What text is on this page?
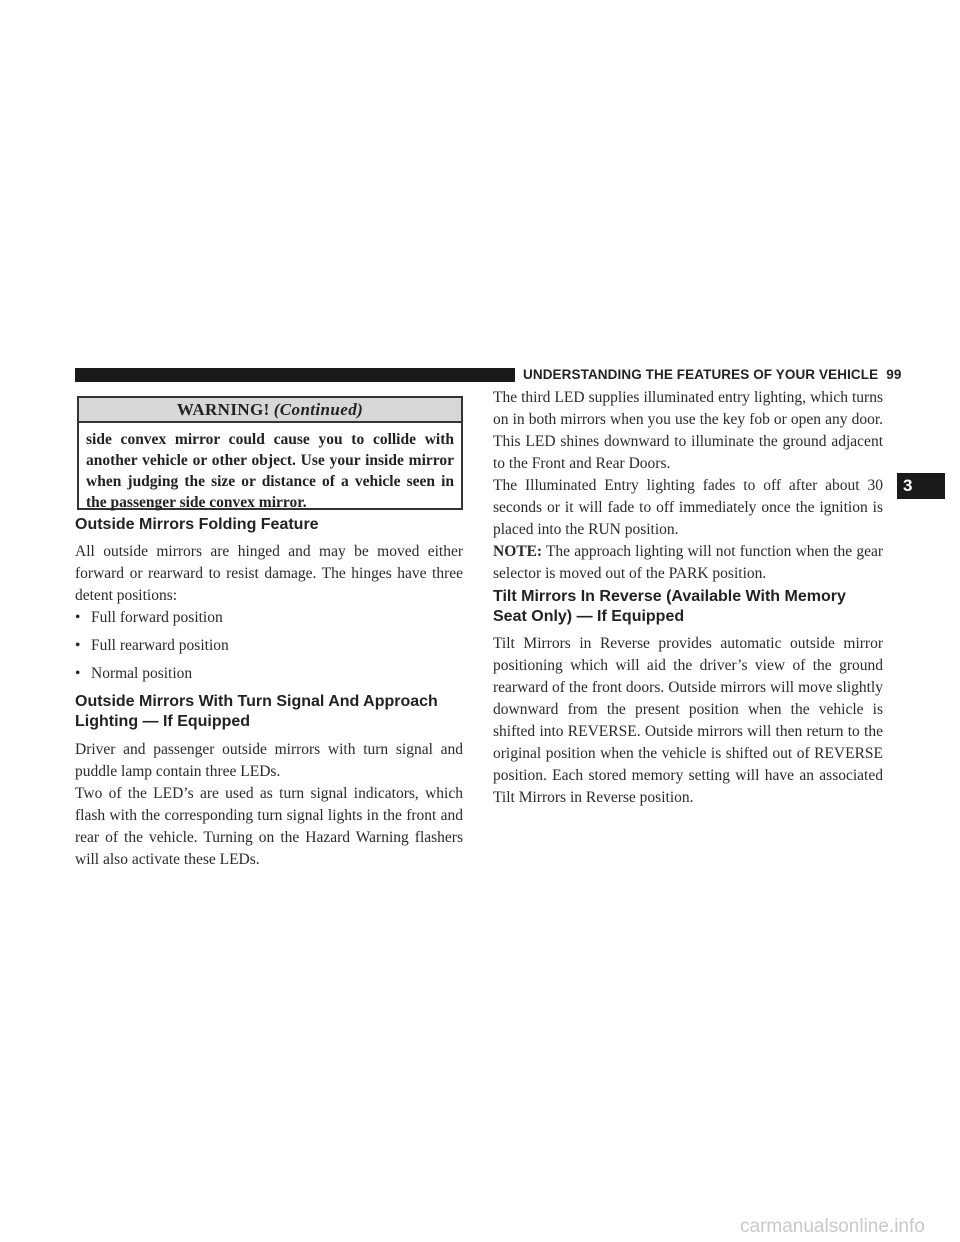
UNDERSTANDING THE FEATURES OF YOUR VEHICLE 99
WARNING! (Continued)
side convex mirror could cause you to collide with another vehicle or other object. Use your inside mirror when judging the size or distance of a vehicle seen in the passenger side convex mirror.
Outside Mirrors Folding Feature
All outside mirrors are hinged and may be moved either forward or rearward to resist damage. The hinges have three detent positions:
• Full forward position
• Full rearward position
• Normal position
Outside Mirrors With Turn Signal And Approach
Lighting — If Equipped
Driver and passenger outside mirrors with turn signal and puddle lamp contain three LEDs.
Two of the LED’s are used as turn signal indicators, which flash with the corresponding turn signal lights in the front and rear of the vehicle. Turning on the Hazard Warning flashers will also activate these LEDs.
The third LED supplies illuminated entry lighting, which turns on in both mirrors when you use the key fob or open any door. This LED shines downward to illuminate the ground adjacent to the Front and Rear Doors.
The Illuminated Entry lighting fades to off after about 30 seconds or it will fade to off immediately once the ignition is placed into the RUN position.
NOTE: The approach lighting will not function when the gear selector is moved out of the PARK position.
Tilt Mirrors In Reverse (Available With Memory
Seat Only) — If Equipped
Tilt Mirrors in Reverse provides automatic outside mirror positioning which will aid the driver’s view of the ground rearward of the front doors. Outside mirrors will move slightly downward from the present position when the vehicle is shifted into REVERSE. Outside mirrors will then return to the original position when the vehicle is shifted out of REVERSE position. Each stored memory setting will have an associated Tilt Mirrors in Reverse position.
3
carmanualsonline.info
